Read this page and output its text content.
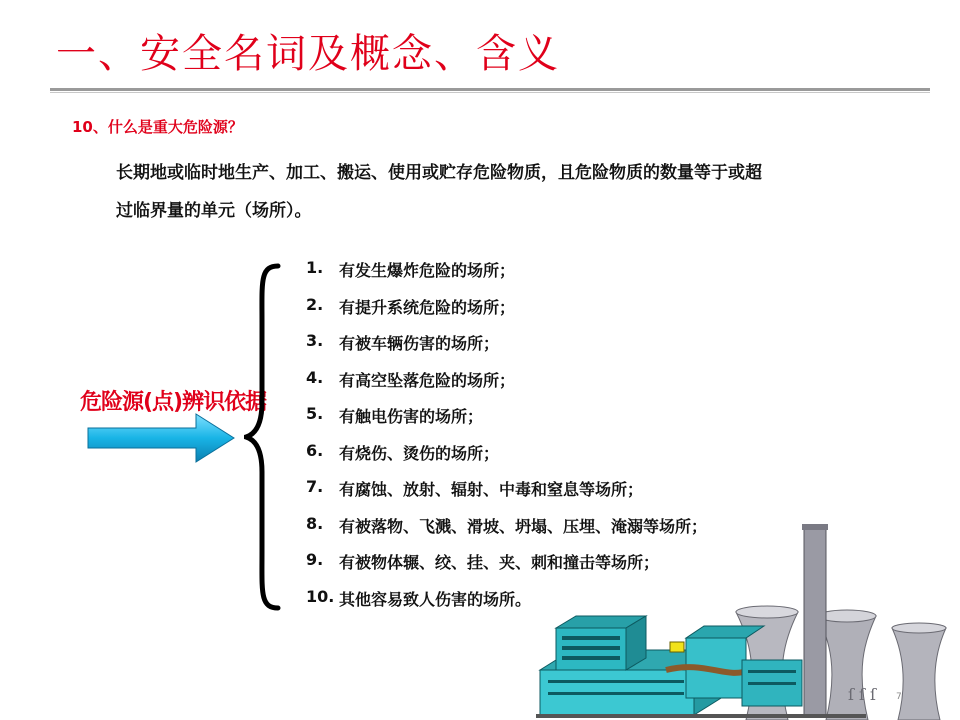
一、安全名词及概念、含义
10、什么是重大危险源？
长期地或临时地生产、加工、搬运、使用或贮存危险物质，且危险物质的数量等于或超
过临界量的单元（场所）。
危险源(点)辨识依据
1. 有发生爆炸危险的场所；
2. 有提升系统危险的场所；
3. 有被车辆伤害的场所；
4. 有高空坠落危险的场所；
5. 有触电伤害的场所；
6. 有烧伤、烫伤的场所；
7. 有腐蚀、放射、辐射、中毒和窒息等场所；
8. 有被落物、飞溅、滑坡、坍塌、压埋、淹溺等场所；
9. 有被物体辗、绞、挂、夹、刺和撞击等场所；
10. 其他容易致人伤害的场所。
ſ ſ ſ 7
